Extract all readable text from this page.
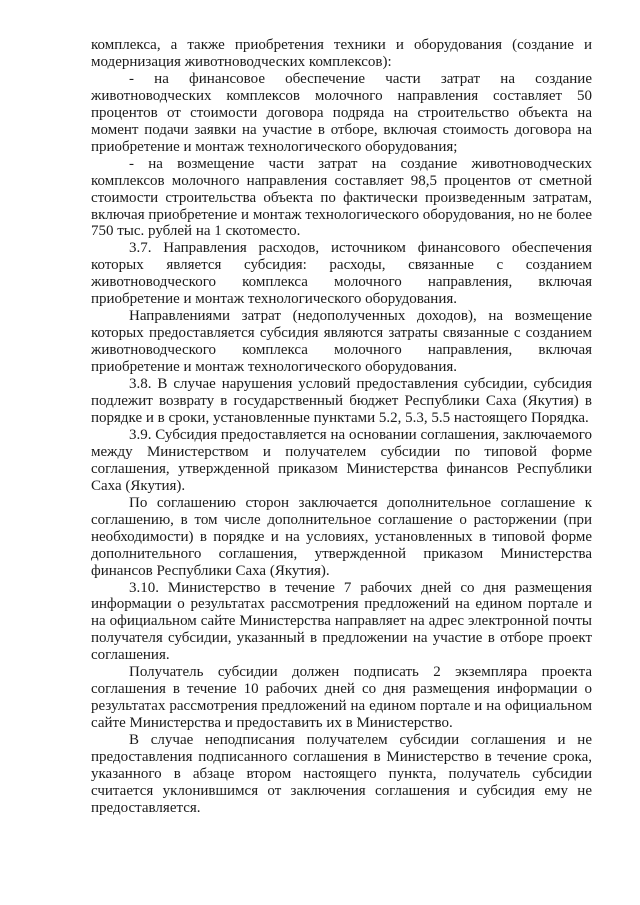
комплекса, а также приобретения техники и оборудования (создание и модернизация животноводческих комплексов):

- на финансовое обеспечение части затрат на создание животноводческих комплексов молочного направления составляет 50 процентов от стоимости договора подряда на строительство объекта на момент подачи заявки на участие в отборе, включая стоимость договора на приобретение и монтаж технологического оборудования;

- на возмещение части затрат на создание животноводческих комплексов молочного направления составляет 98,5 процентов от сметной стоимости строительства объекта по фактически произведенным затратам, включая приобретение и монтаж технологического оборудования, но не более 750 тыс. рублей на 1 скотоместо.

3.7. Направления расходов, источником финансового обеспечения которых является субсидия: расходы, связанные с созданием животноводческого комплекса молочного направления, включая приобретение и монтаж технологического оборудования.

Направлениями затрат (недополученных доходов), на возмещение которых предоставляется субсидия являются затраты связанные с созданием животноводческого комплекса молочного направления, включая приобретение и монтаж технологического оборудования.

3.8. В случае нарушения условий предоставления субсидии, субсидия подлежит возврату в государственный бюджет Республики Саха (Якутия) в порядке и в сроки, установленные пунктами 5.2, 5.3, 5.5 настоящего Порядка.

3.9. Субсидия предоставляется на основании соглашения, заключаемого между Министерством и получателем субсидии по типовой форме соглашения, утвержденной приказом Министерства финансов Республики Саха (Якутия).

По соглашению сторон заключается дополнительное соглашение к соглашению, в том числе дополнительное соглашение о расторжении (при необходимости) в порядке и на условиях, установленных в типовой форме дополнительного соглашения, утвержденной приказом Министерства финансов Республики Саха (Якутия).

3.10. Министерство в течение 7 рабочих дней со дня размещения информации о результатах рассмотрения предложений на едином портале и на официальном сайте Министерства направляет на адрес электронной почты получателя субсидии, указанный в предложении на участие в отборе проект соглашения.

Получатель субсидии должен подписать 2 экземпляра проекта соглашения в течение 10 рабочих дней со дня размещения информации о результатах рассмотрения предложений на едином портале и на официальном сайте Министерства и предоставить их в Министерство.

В случае неподписания получателем субсидии соглашения и не предоставления подписанного соглашения в Министерство в течение срока, указанного в абзаце втором настоящего пункта, получатель субсидии считается уклонившимся от заключения соглашения и субсидия ему не предоставляется.
